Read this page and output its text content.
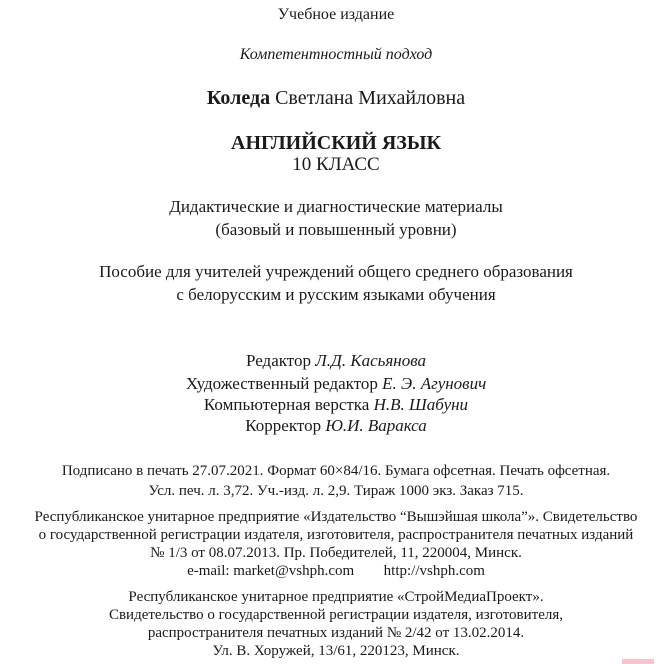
Учебное издание
Компетентностный подход
Коледа Светлана Михайловна
АНГЛИЙСКИЙ ЯЗЫК
10 КЛАСС
Дидактические и диагностические материалы
(базовый и повышенный уровни)
Пособие для учителей учреждений общего среднего образования
с белорусским и русским языками обучения
Редактор Л.Д. Касьянова
Художественный редактор Е. Э. Агунович
Компьютерная верстка Н.В. Шабуни
Корректор Ю.И. Варакса
Подписано в печать 27.07.2021. Формат 60×84/16. Бумага офсетная. Печать офсетная.
Усл. печ. л. 3,72. Уч.-изд. л. 2,9. Тираж 1000 экз. Заказ 715.
Республиканское унитарное предприятие «Издательство “Вышэйшая школа”». Свидетельство
о государственной регистрации издателя, изготовителя, распространителя печатных изданий
№ 1/3 от 08.07.2013. Пр. Победителей, 11, 220004, Минск.
e-mail: market@vshph.com http://vshph.com
Республиканское унитарное предприятие «СтройМедиаПроект».
Свидетельство о государственной регистрации издателя, изготовителя,
распространителя печатных изданий № 2/42 от 13.02.2014.
Ул. В. Хоружей, 13/61, 220123, Минск.
